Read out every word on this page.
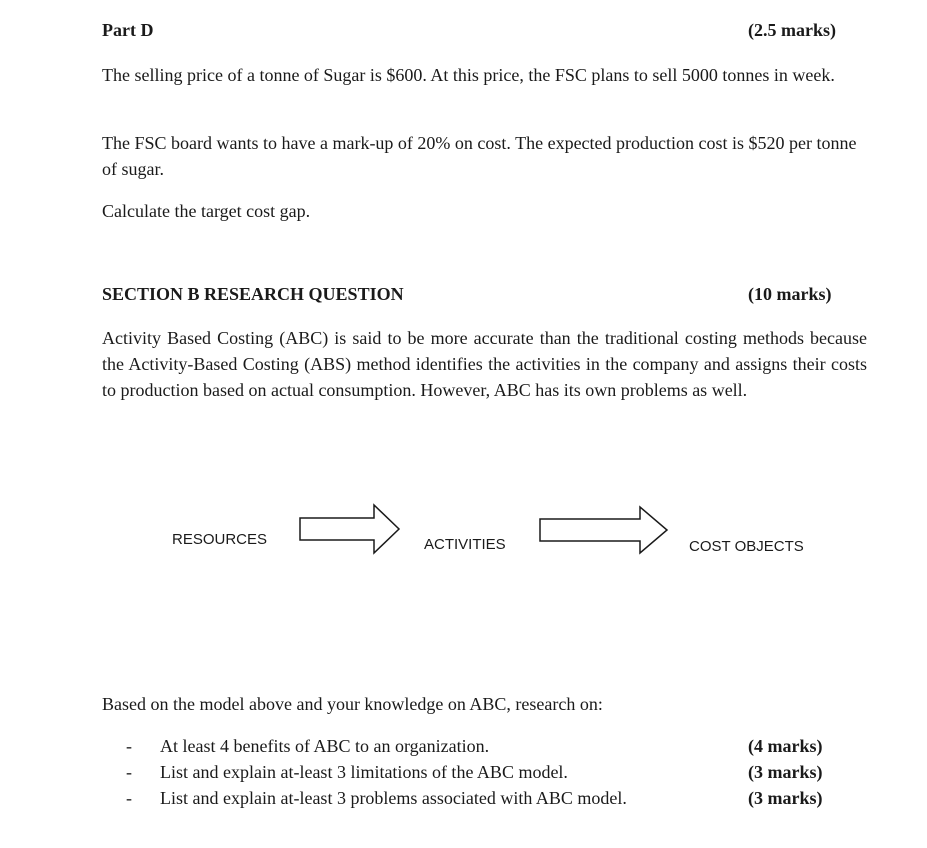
Part D	(2.5 marks)
The selling price of a tonne of Sugar is $600. At this price, the FSC plans to sell 5000 tonnes in week.
The FSC board wants to have a mark-up of 20% on cost. The expected production cost is $520 per tonne of sugar.
Calculate the target cost gap.
SECTION B RESEARCH QUESTION	(10 marks)
Activity Based Costing (ABC) is said to be more accurate than the traditional costing methods because the Activity-Based Costing (ABS) method identifies the activities in the company and assigns their costs to production based on actual consumption. However, ABC has its own problems as well.
RESOURCES	ACTIVITIES	COST OBJECTS
Based on the model above and your knowledge on ABC, research on:
- At least 4 benefits of ABC to an organization.	(4 marks)
- List and explain at-least 3 limitations of the ABC model.	(3 marks)
- List and explain at-least 3 problems associated with ABC model.	(3 marks)
